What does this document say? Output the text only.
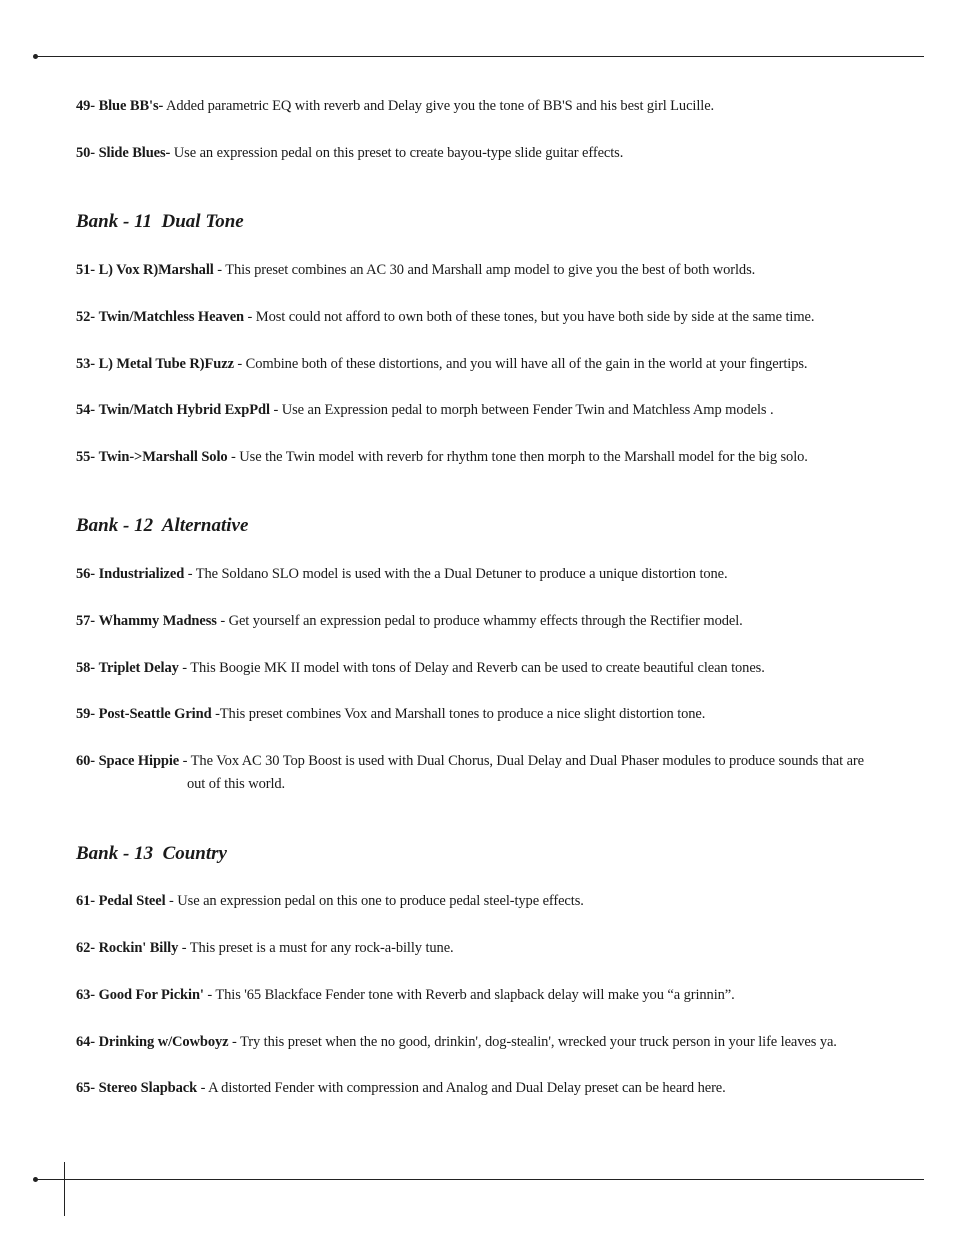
49- Blue BB's- Added parametric EQ with reverb and Delay give you the tone of BB'S and his best girl Lucille.
50- Slide Blues- Use an expression pedal on this preset to create bayou-type slide guitar effects.
Bank - 11  Dual Tone
51- L) Vox R)Marshall - This preset combines an AC 30 and Marshall amp model to give you the best of both worlds.
52- Twin/Matchless Heaven - Most could not afford to own both of these tones, but you have both side by side at the same time.
53- L) Metal Tube R)Fuzz - Combine both of these distortions, and you will have all of the gain in the world at your fingertips.
54- Twin/Match Hybrid ExpPdl - Use an Expression pedal to morph between Fender Twin and Matchless Amp models .
55- Twin->Marshall Solo - Use the Twin model with reverb for rhythm tone then morph to the Marshall model for the big solo.
Bank - 12  Alternative
56- Industrialized - The Soldano SLO model is used with the a Dual Detuner to produce a unique distortion tone.
57- Whammy Madness - Get yourself an expression pedal to produce whammy effects through the Rectifier model.
58- Triplet Delay - This Boogie MK II model with tons of Delay and Reverb can be used to create beautiful clean tones.
59- Post-Seattle Grind -This preset combines Vox and Marshall tones to produce a nice slight distortion tone.
60- Space Hippie - The Vox AC 30 Top Boost is used with Dual Chorus, Dual Delay and Dual Phaser modules to produce sounds that are out of this world.
Bank - 13  Country
61- Pedal Steel - Use an expression pedal on this one to produce pedal steel-type effects.
62- Rockin' Billy - This preset is a must for any rock-a-billy tune.
63- Good For Pickin' - This '65 Blackface Fender tone with Reverb and slapback delay will make you “a grinnin”.
64- Drinking w/Cowboyz - Try this preset when the no good, drinkin', dog-stealin', wrecked your truck person in your life leaves ya.
65- Stereo Slapback - A distorted Fender with compression and Analog and Dual Delay preset can be heard here.
